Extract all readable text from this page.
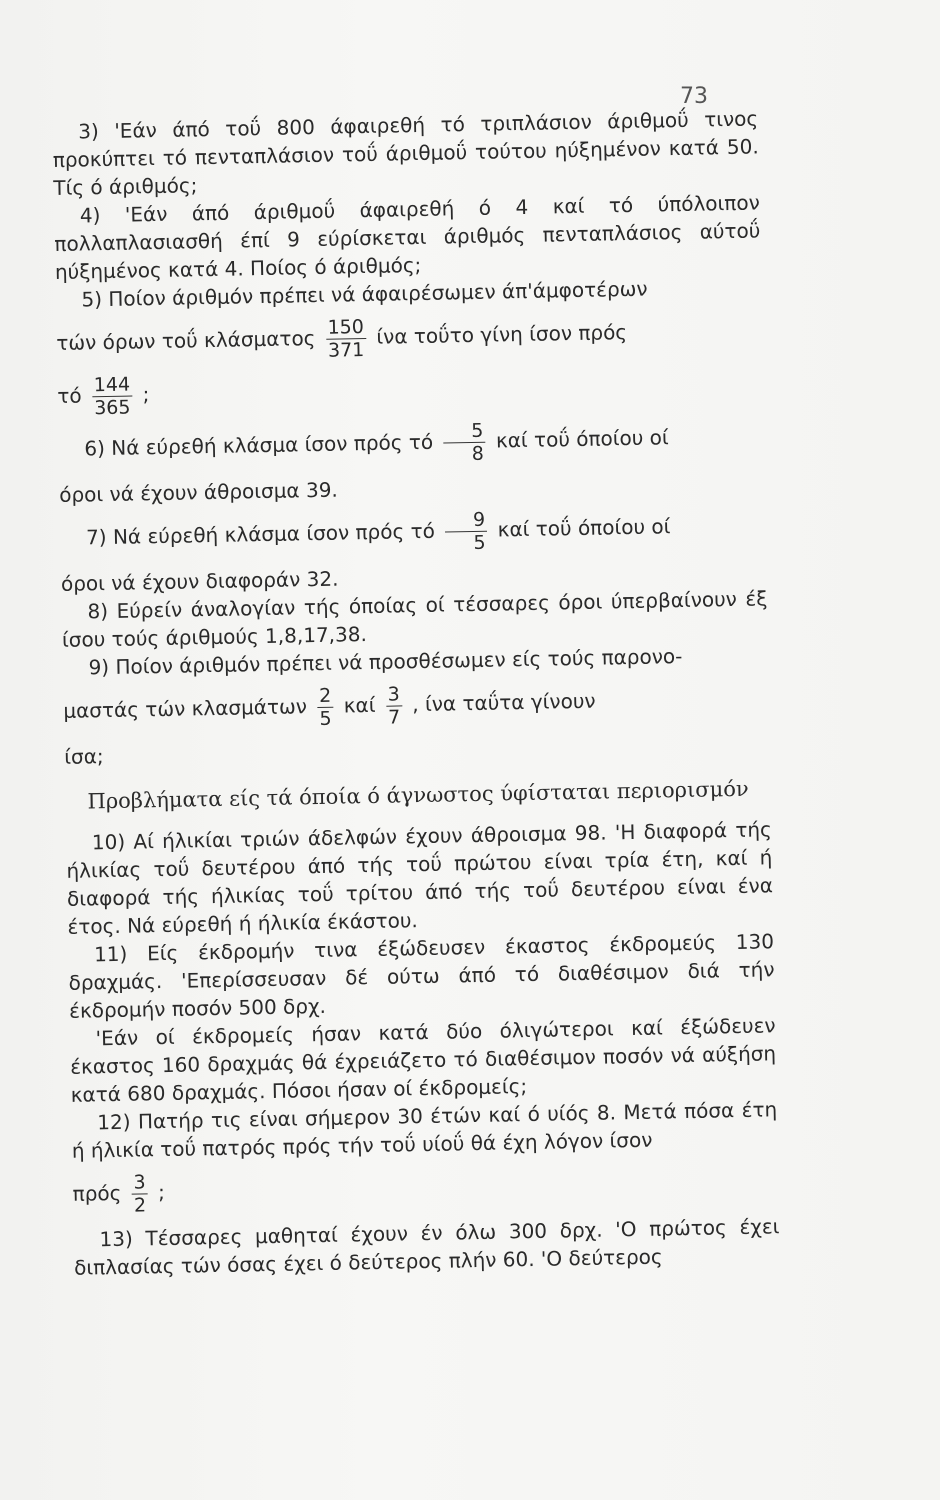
73

3) 'Εάν άπό τοΰ 800 άφαιρεθή τό τριπλάσιον άριθμοΰ τινος προκύπτει τό πενταπλάσιον τοΰ άριθμοΰ τούτου ηύξημένον κατά 50. Τίς ό άριθμός;

4) 'Εάν άπό άριθμοΰ άφαιρεθή ό 4 καί τό ύπόλοιπον πολλαπλασιασθή έπί 9 εύρίσκεται άριθμός πενταπλάσιος αύτοΰ ηύξημένος κατά 4. Ποίος ό άριθμός;

5) Ποίον άριθμόν πρέπει νά άφαιρέσωμεν άπ'άμφοτέρων

τών όρων τοΰ κλάσματος $\frac{150}{371}$ ίνα τοΰτο γίνη ίσον πρός

τό $\frac{144}{365}$ ;

6) Νά εύρεθή κλάσμα ίσον πρός τό $\frac{5}{8}$ καί τοΰ όποίου οί

όροι νά έχουν άθροισμα 39.

7) Νά εύρεθή κλάσμα ίσον πρός τό $\frac{9}{5}$ καί τοΰ όποίου οί

όροι νά έχουν διαφοράν 32.

8) Εύρείν άναλογίαν τής όποίας οί τέσσαρες όροι ύπερβαίνουν έξ ίσου τούς άριθμούς 1,8,17,38.

9) Ποίον άριθμόν πρέπει νά προσθέσωμεν είς τούς παρονο-

μαστάς τών κλασμάτων $\frac{2}{5}$ καί $\frac{3}{7}$ , ίνα ταΰτα γίνουν

ίσα;

Προβλήματα είς τά όποία ό άγνωστος ύφίσταται περιορισμόν

10) Αί ήλικίαι τριών άδελφών έχουν άθροισμα 98. 'Η διαφορά τής ήλικίας τοΰ δευτέρου άπό τής τοΰ πρώτου είναι τρία έτη, καί ή διαφορά τής ήλικίας τοΰ τρίτου άπό τής τοΰ δευτέρου είναι ένα έτος. Νά εύρεθή ή ήλικία έκάστου.

11) Είς έκδρομήν τινα έξώδευσεν έκαστος έκδρομεύς 130 δραχμάς. 'Επερίσσευσαν δέ ούτω άπό τό διαθέσιμον διά τήν έκδρομήν ποσόν 500 δρχ.

'Εάν οί έκδρομείς ήσαν κατά δύο όλιγώτεροι καί έξώδευεν έκαστος 160 δραχμάς θά έχρειάζετο τό διαθέσιμον ποσόν νά αύξήση κατά 680 δραχμάς. Πόσοι ήσαν οί έκδρομείς;

12) Πατήρ τις είναι σήμερον 30 έτών καί ό υίός 8. Μετά πόσα έτη ή ήλικία τοΰ πατρός πρός τήν τοΰ υίοΰ θά έχη λόγον ίσον

πρός $\frac{3}{2}$ ;

13) Τέσσαρες μαθηταί έχουν έν όλω 300 δρχ. 'Ο πρώτος έχει διπλασίας τών όσας έχει ό δεύτερος πλήν 60. 'Ο δεύτερος
